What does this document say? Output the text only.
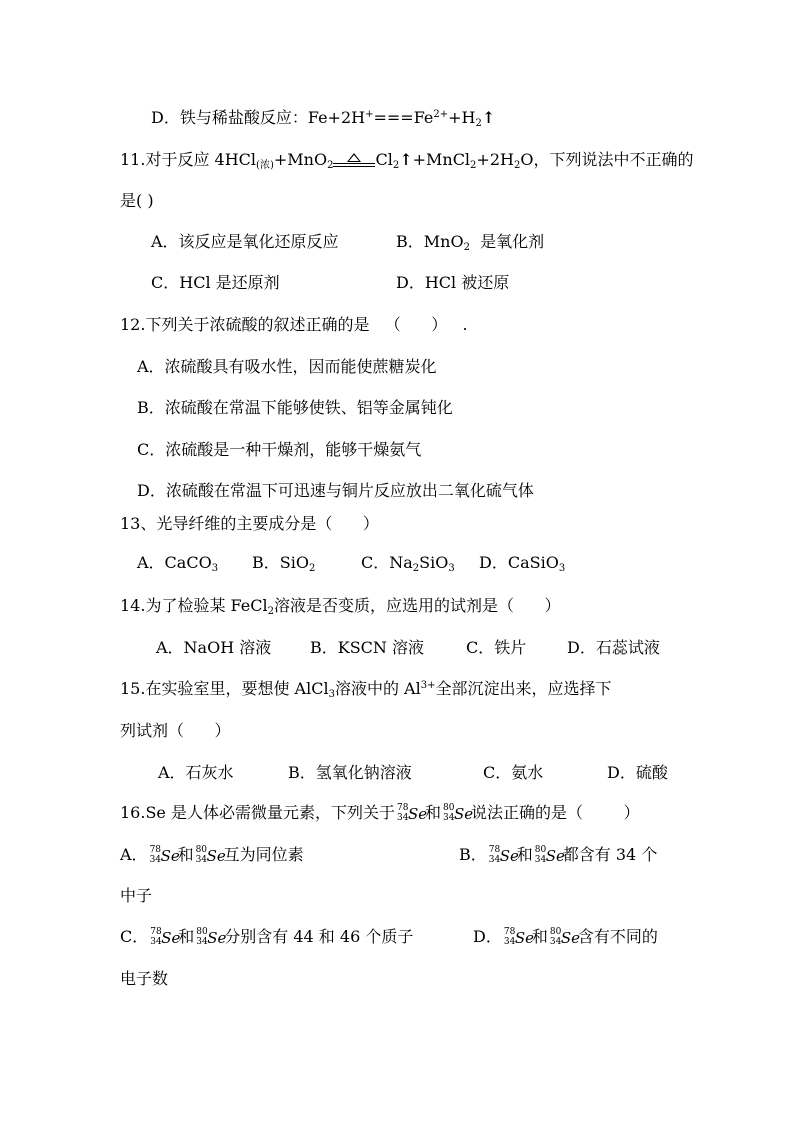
D．铁与稀盐酸反应：$Fe+2H^+===Fe^{2+}+H_2↑$
11.对于反应 4HCl$_{(浓)}$+MnO$_2$	$Cl_2↑+MnCl_2+2H_2O$，下列说法中不正确的
是( )
A．该反应是氧化还原反应	B．MnO$_2$  是氧化剂
C．HCl 是还原剂	D．HCl 被还原
12.下列关于浓硫酸的叙述正确的是   （      ）   .
A．浓硫酸具有吸水性，因而能使蔗糖炭化
B．浓硫酸在常温下能够使铁、铝等金属钝化
C．浓硫酸是一种干燥剂，能够干燥氨气
D．浓硫酸在常温下可迅速与铜片反应放出二氧化硫气体
13、光导纤维的主要成分是（      ）
A．CaCO$_3$ B．SiO$_2$	C．$Na_2SiO_3$ D．CaSiO$_3$
14.为了检验某 FeCl$_2$溶液是否变质，应选用的试剂是（      ）
A．NaOH 溶液 B．KSCN 溶液	C．铁片	D．石蕊试液
15.在实验室里，要想使 AlCl$_3$溶液中的 $Al^{3+}$全部沉淀出来，应选择下
列试剂（      ）
A．石灰水	B．氢氧化钠溶液	C．氨水	D．硫酸
16.Se 是人体必需微量元素，下列关于 78
34 Se
和 80
34 Se
说法正确的是（        ）
A． 78
34 Se
和 80
34 Se
互为同位素	B． 78
34 Se
和 80
34 Se
都含有 34 个
中子
C． 78
34 Se
和 80
34 Se
分别含有 44 和 46 个质子	D． 78
34 Se
和 80
34 Se
含有不同的
电子数
